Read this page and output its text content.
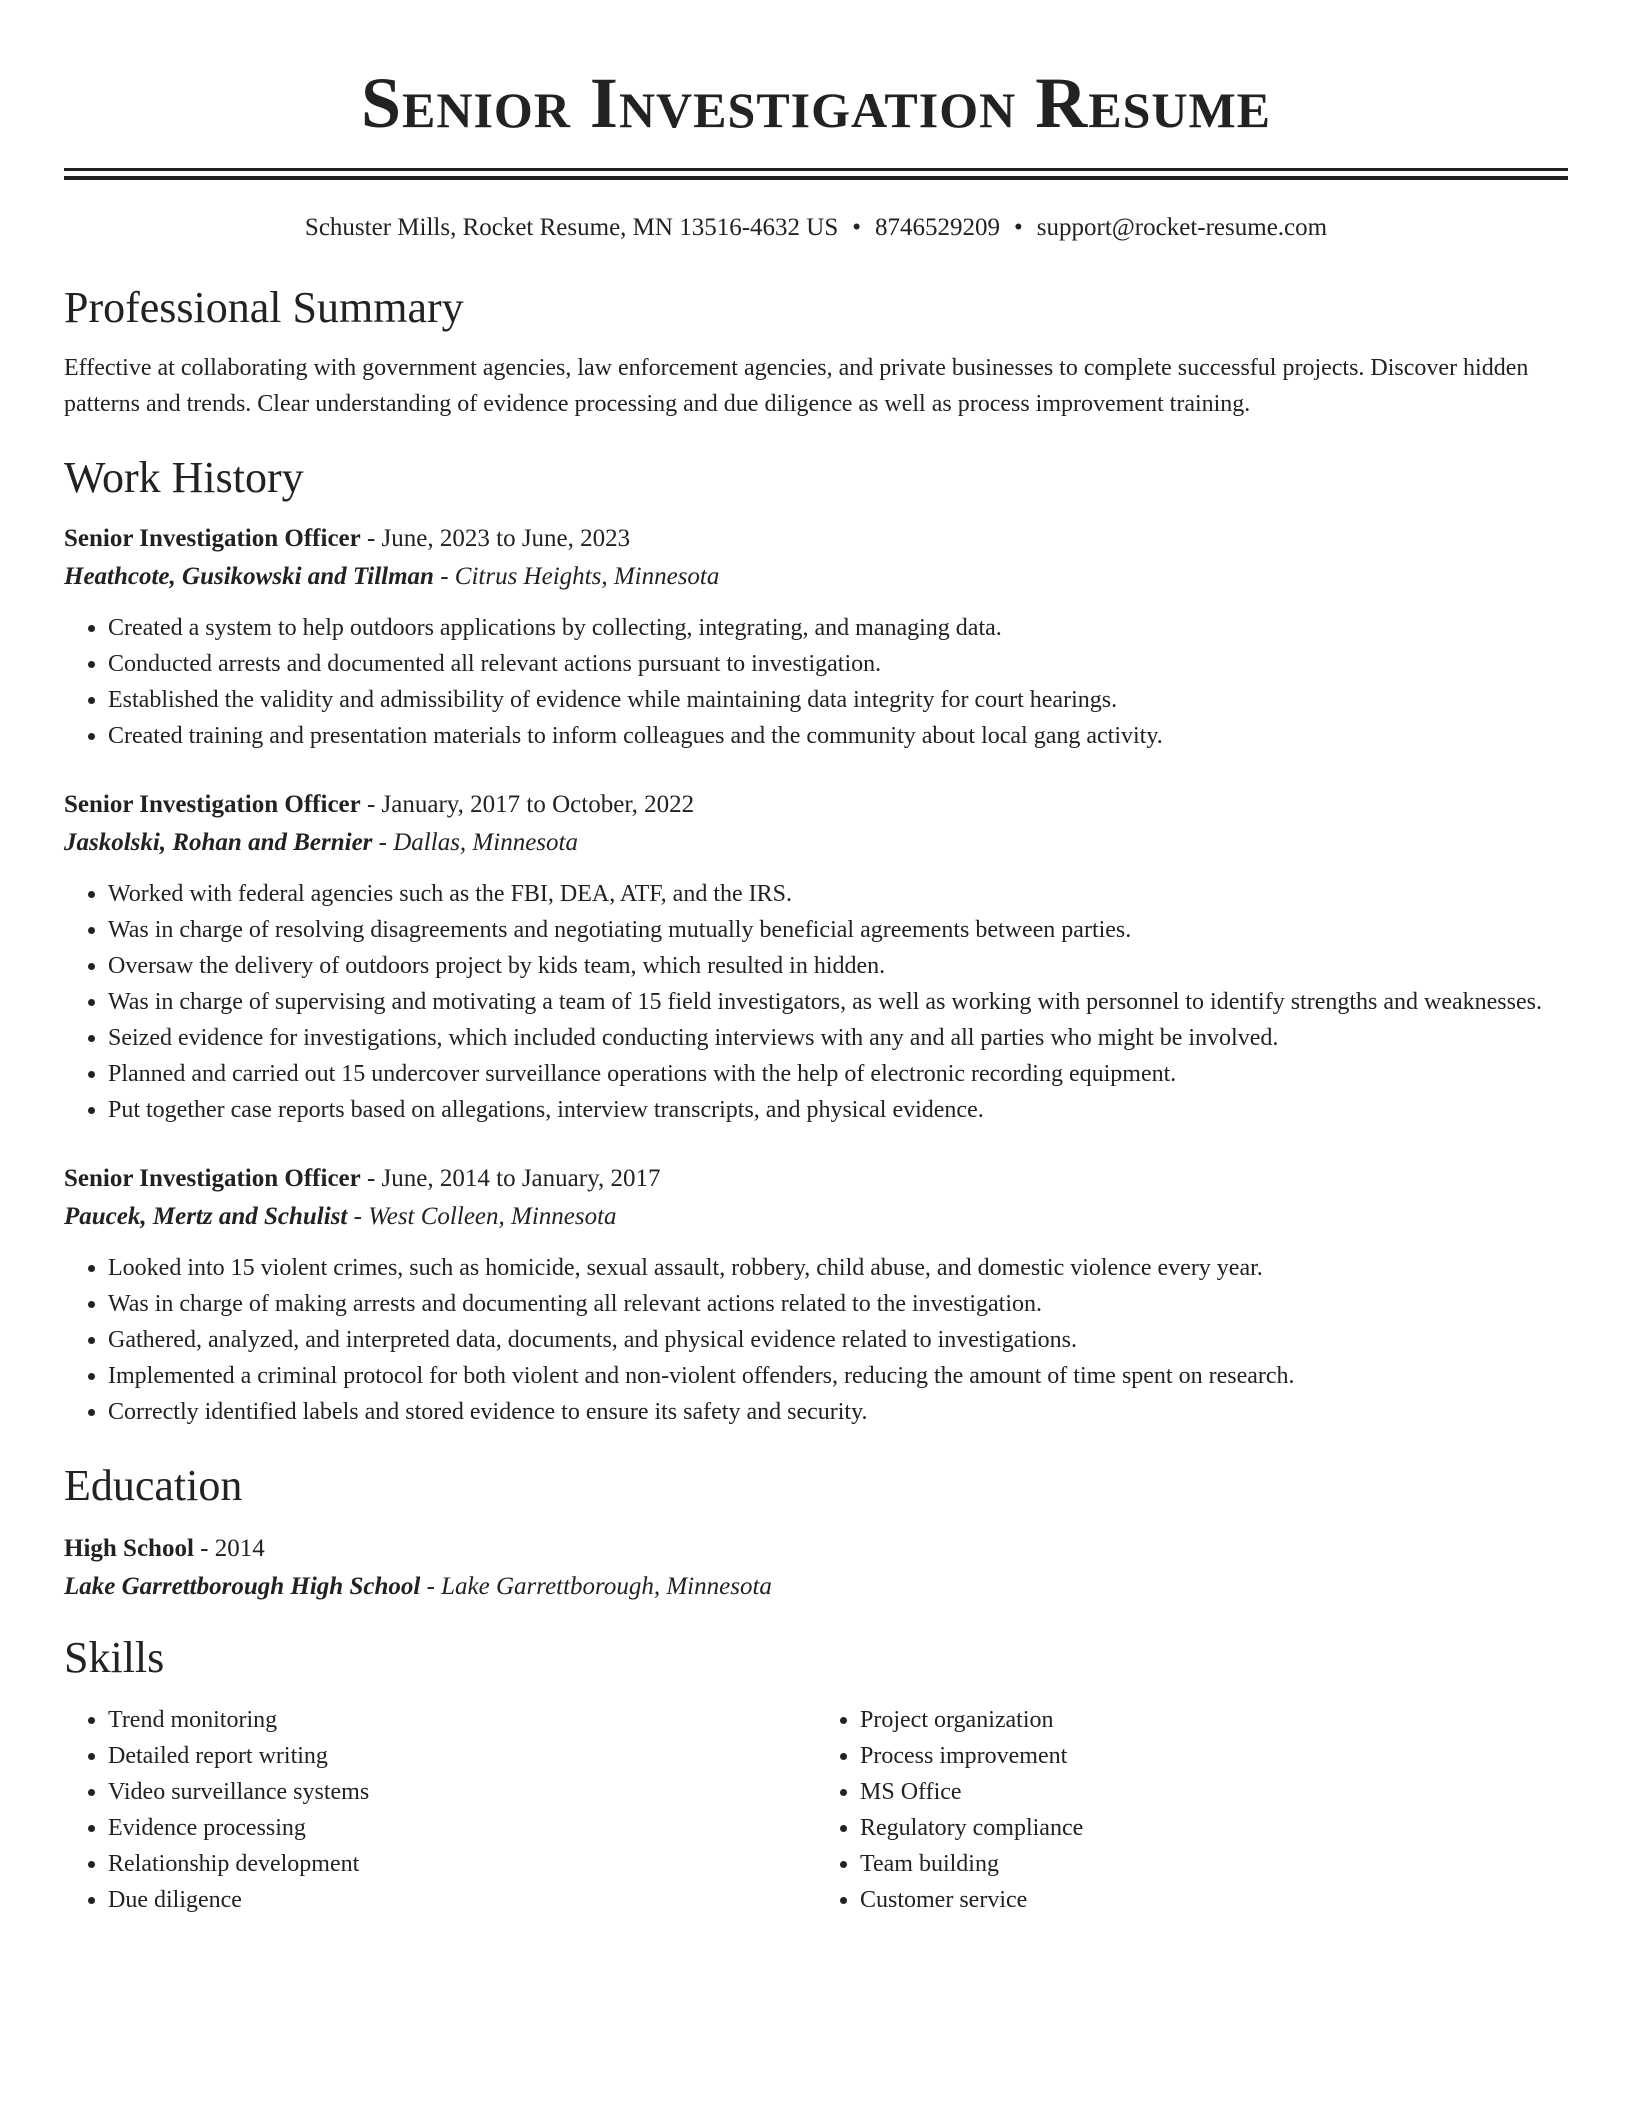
Senior Investigation Resume
Schuster Mills, Rocket Resume, MN 13516-4632 US • 8746529209 • support@rocket-resume.com
Professional Summary
Effective at collaborating with government agencies, law enforcement agencies, and private businesses to complete successful projects. Discover hidden patterns and trends. Clear understanding of evidence processing and due diligence as well as process improvement training.
Work History
Senior Investigation Officer - June, 2023 to June, 2023
Heathcote, Gusikowski and Tillman - Citrus Heights, Minnesota
• Created a system to help outdoors applications by collecting, integrating, and managing data.
• Conducted arrests and documented all relevant actions pursuant to investigation.
• Established the validity and admissibility of evidence while maintaining data integrity for court hearings.
• Created training and presentation materials to inform colleagues and the community about local gang activity.
Senior Investigation Officer - January, 2017 to October, 2022
Jaskolski, Rohan and Bernier - Dallas, Minnesota
• Worked with federal agencies such as the FBI, DEA, ATF, and the IRS.
• Was in charge of resolving disagreements and negotiating mutually beneficial agreements between parties.
• Oversaw the delivery of outdoors project by kids team, which resulted in hidden.
• Was in charge of supervising and motivating a team of 15 field investigators, as well as working with personnel to identify strengths and weaknesses.
• Seized evidence for investigations, which included conducting interviews with any and all parties who might be involved.
• Planned and carried out 15 undercover surveillance operations with the help of electronic recording equipment.
• Put together case reports based on allegations, interview transcripts, and physical evidence.
Senior Investigation Officer - June, 2014 to January, 2017
Paucek, Mertz and Schulist - West Colleen, Minnesota
• Looked into 15 violent crimes, such as homicide, sexual assault, robbery, child abuse, and domestic violence every year.
• Was in charge of making arrests and documenting all relevant actions related to the investigation.
• Gathered, analyzed, and interpreted data, documents, and physical evidence related to investigations.
• Implemented a criminal protocol for both violent and non-violent offenders, reducing the amount of time spent on research.
• Correctly identified labels and stored evidence to ensure its safety and security.
Education
High School - 2014
Lake Garrettborough High School - Lake Garrettborough, Minnesota
Skills
• Trend monitoring
• Detailed report writing
• Video surveillance systems
• Evidence processing
• Relationship development
• Due diligence
• Project organization
• Process improvement
• MS Office
• Regulatory compliance
• Team building
• Customer service
